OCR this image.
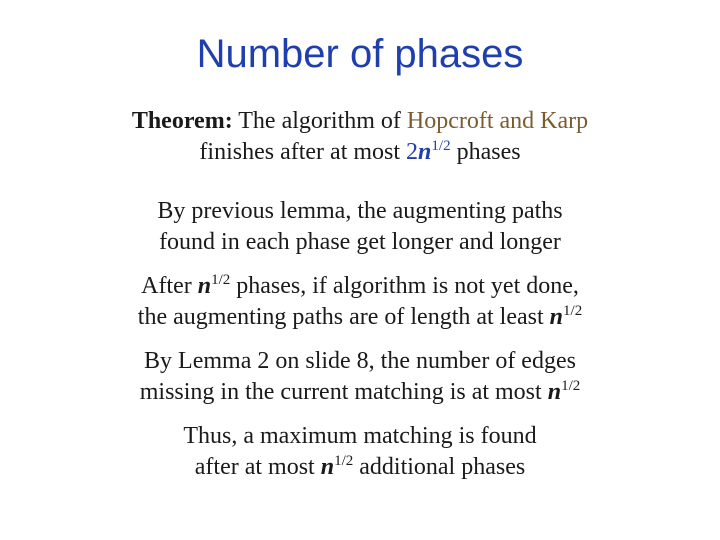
Number of phases
Theorem: The algorithm of Hopcroft and Karp
finishes after at most $2n^{1/2}$ phases
By previous lemma, the augmenting paths
found in each phase get longer and longer
After $n^{1/2}$ phases, if algorithm is not yet done,
the augmenting paths are of length at least $n^{1/2}$
By Lemma 2 on slide 8, the number of edges
missing in the current matching is at most $n^{1/2}$
Thus, a maximum matching is found
after at most $n^{1/2}$ additional phases
